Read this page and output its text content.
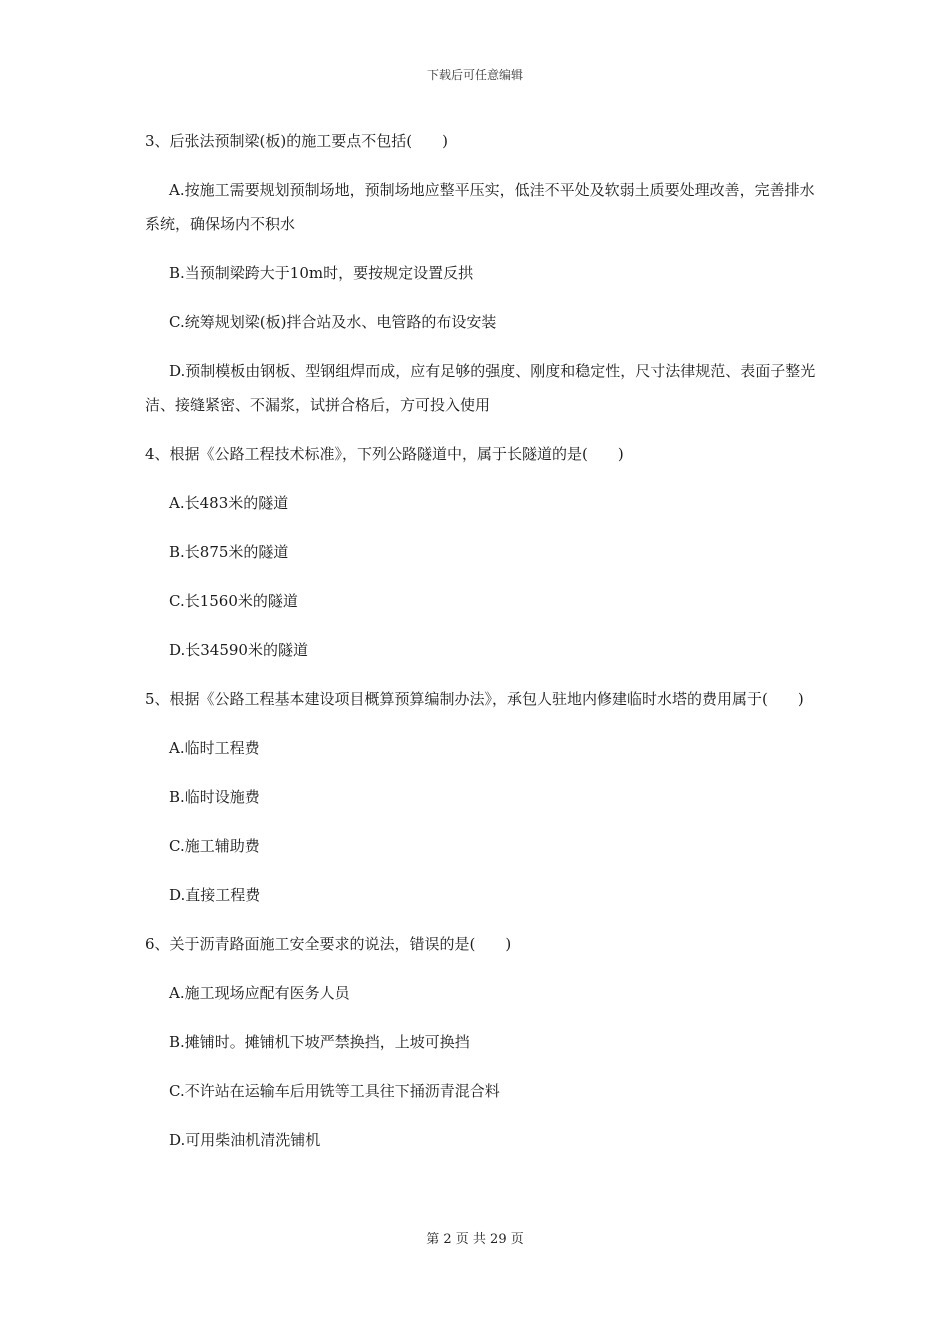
下载后可任意编辑

3、后张法预制梁(板)的施工要点不包括(　　)

A.按施工需要规划预制场地，预制场地应整平压实，低洼不平处及软弱土质要处理改善，完善排水系统，确保场内不积水

B.当预制梁跨大于10m时，要按规定设置反拱

C.统筹规划梁(板)拌合站及水、电管路的布设安装

D.预制模板由钢板、型钢组焊而成，应有足够的强度、刚度和稳定性，尺寸法律规范、表面子整光洁、接缝紧密、不漏浆，试拼合格后，方可投入使用

4、根据《公路工程技术标准》，下列公路隧道中，属于长隧道的是(　　)

A.长483米的隧道

B.长875米的隧道

C.长1560米的隧道

D.长34590米的隧道

5、根据《公路工程基本建设项目概算预算编制办法》，承包人驻地内修建临时水塔的费用属于(　　)

A.临时工程费

B.临时设施费

C.施工辅助费

D.直接工程费

6、关于沥青路面施工安全要求的说法，错误的是(　　)

A.施工现场应配有医务人员

B.摊铺时。摊铺机下坡严禁换挡，上坡可换挡

C.不许站在运输车后用铣等工具往下捅沥青混合料

D.可用柴油机清洗铺机

第 2 页 共 29 页
